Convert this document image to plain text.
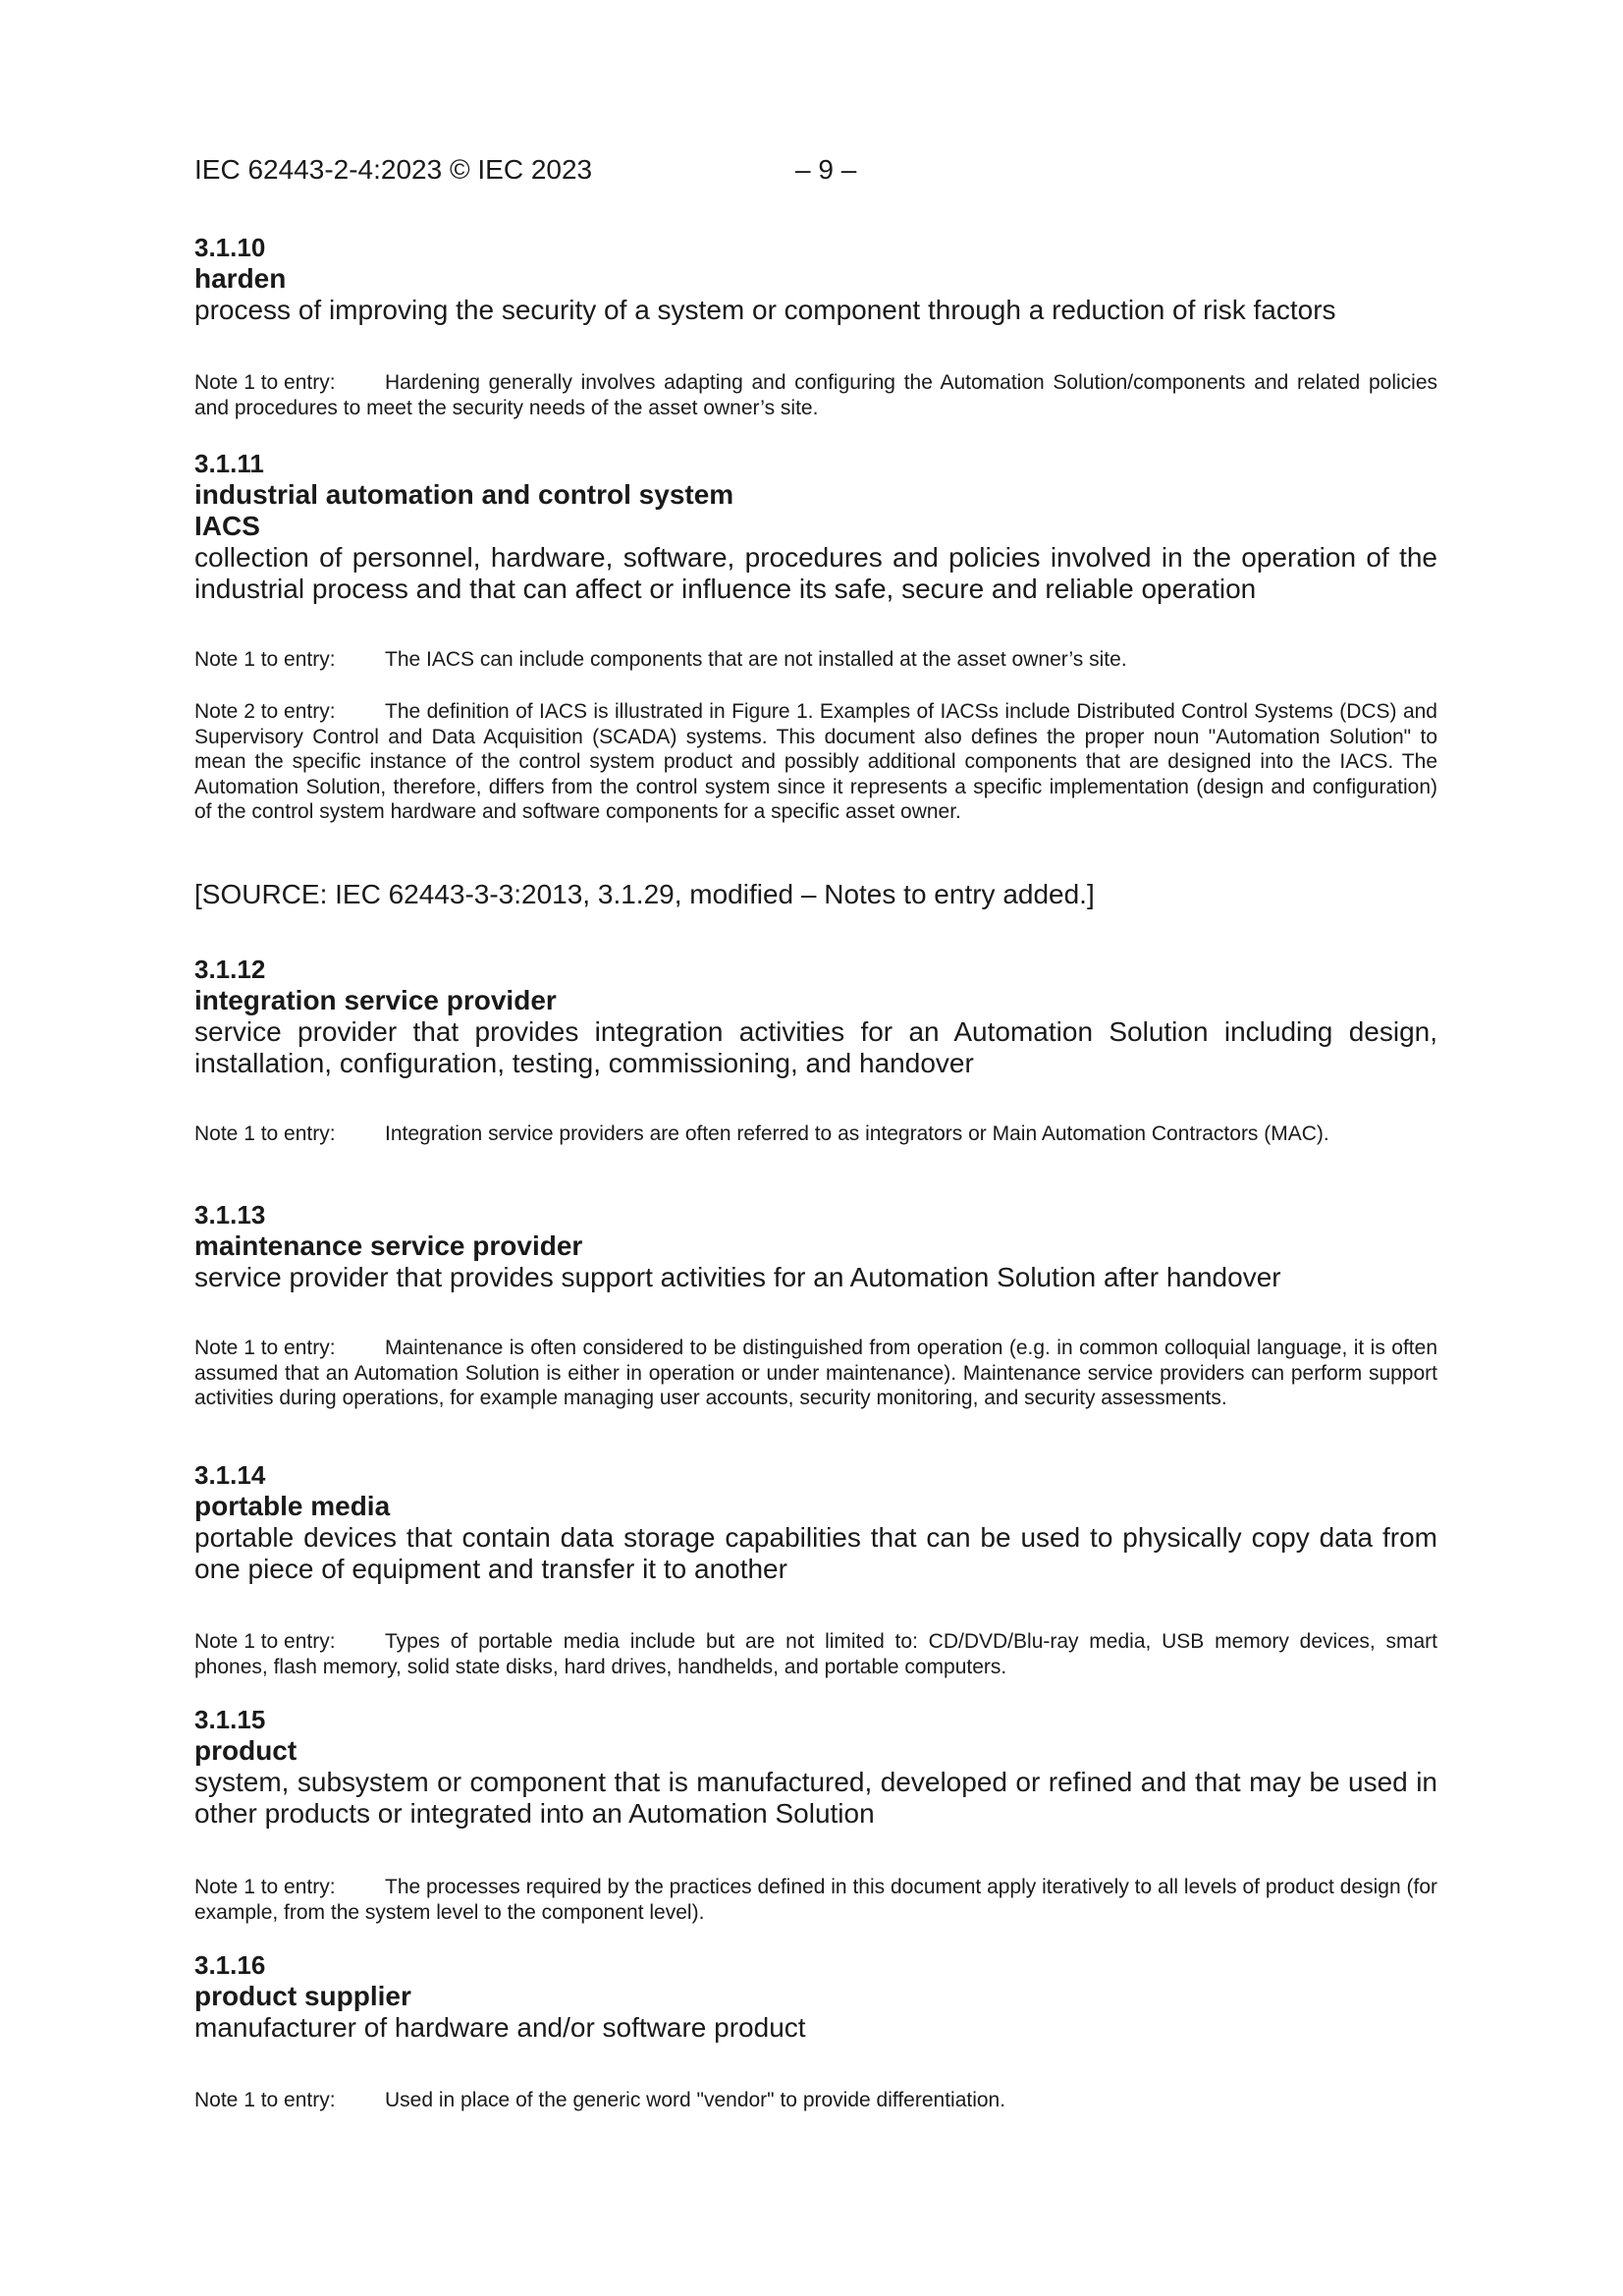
IEC 62443-2-4:2023 © IEC 2023	– 9 –
3.1.10
harden
process of improving the security of a system or component through a reduction of risk factors
Note 1 to entry: Hardening generally involves adapting and configuring the Automation Solution/components and related policies and procedures to meet the security needs of the asset owner’s site.
3.1.11
industrial automation and control system
IACS
collection of personnel, hardware, software, procedures and policies involved in the operation of the industrial process and that can affect or influence its safe, secure and reliable operation
Note 1 to entry: The IACS can include components that are not installed at the asset owner’s site.
Note 2 to entry: The definition of IACS is illustrated in Figure 1. Examples of IACSs include Distributed Control Systems (DCS) and Supervisory Control and Data Acquisition (SCADA) systems. This document also defines the proper noun "Automation Solution" to mean the specific instance of the control system product and possibly additional components that are designed into the IACS. The Automation Solution, therefore, differs from the control system since it represents a specific implementation (design and configuration) of the control system hardware and software components for a specific asset owner.
[SOURCE: IEC 62443-3-3:2013, 3.1.29, modified – Notes to entry added.]
3.1.12
integration service provider
service provider that provides integration activities for an Automation Solution including design, installation, configuration, testing, commissioning, and handover
Note 1 to entry: Integration service providers are often referred to as integrators or Main Automation Contractors (MAC).
3.1.13
maintenance service provider
service provider that provides support activities for an Automation Solution after handover
Note 1 to entry: Maintenance is often considered to be distinguished from operation (e.g. in common colloquial language, it is often assumed that an Automation Solution is either in operation or under maintenance). Maintenance service providers can perform support activities during operations, for example managing user accounts, security monitoring, and security assessments.
3.1.14
portable media
portable devices that contain data storage capabilities that can be used to physically copy data from one piece of equipment and transfer it to another
Note 1 to entry: Types of portable media include but are not limited to: CD/DVD/Blu-ray media, USB memory devices, smart phones, flash memory, solid state disks, hard drives, handhelds, and portable computers.
3.1.15
product
system, subsystem or component that is manufactured, developed or refined and that may be used in other products or integrated into an Automation Solution
Note 1 to entry: The processes required by the practices defined in this document apply iteratively to all levels of product design (for example, from the system level to the component level).
3.1.16
product supplier
manufacturer of hardware and/or software product
Note 1 to entry: Used in place of the generic word "vendor" to provide differentiation.
